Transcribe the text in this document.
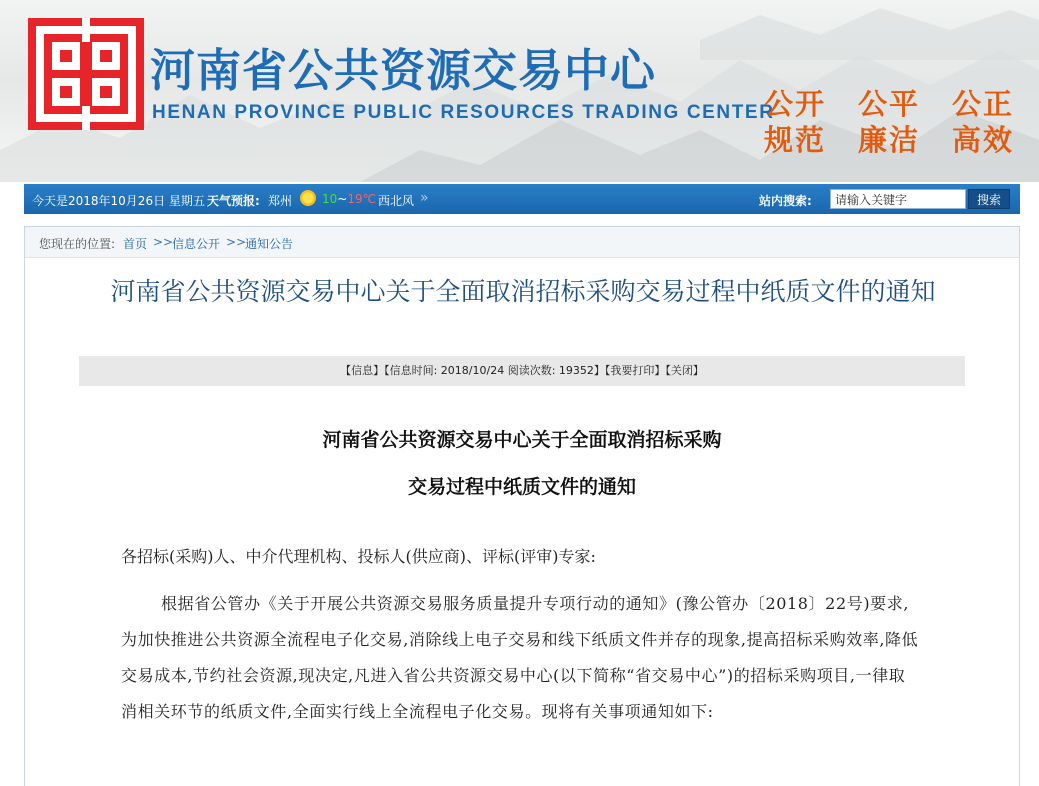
河南省公共资源交易中心
HENAN PROVINCE PUBLIC RESOURCES TRADING CENTER
公开 公平 公正
规范 廉洁 高效
今天是2018年10月26日 星期五 天气预报: 郑州 10~19℃ 西北风 »	站内搜索:
请输入关键字	搜索
您现在的位置: 首页 >>
信息公开 >>
通知公告
河南省公共资源交易中心关于全面取消招标采购交易过程中纸质文件的通知
【信息】【信息时间: 2018/10/24 阅读次数: 19352】【我要打印】【关闭】
河南省公共资源交易中心关于全面取消招标采购
交易过程中纸质文件的通知
各招标(采购)人、中介代理机构、投标人(供应商)、评标(评审)专家:
根据省公管办《关于开展公共资源交易服务质量提升专项行动的通知》(豫公管办〔2018〕22号)要求,为加快推进公共资源全流程电子化交易,消除线上电子交易和线下纸质文件并存的现象,提高招标采购效率,降低交易成本,节约社会资源,现决定,凡进入省公共资源交易中心(以下简称“省交易中心”)的招标采购项目,一律取消相关环节的纸质文件,全面实行线上全流程电子化交易。现将有关事项通知如下:
